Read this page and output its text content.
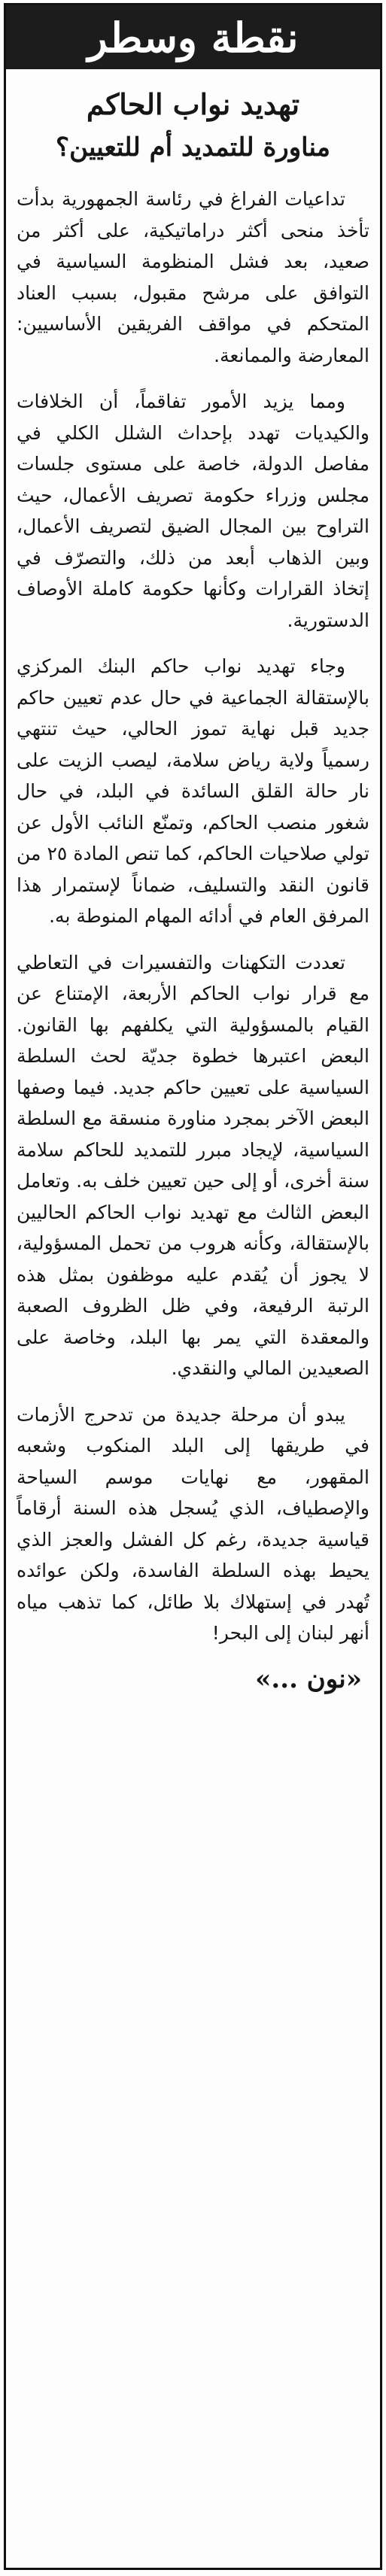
نقطة وسطر
تهديد نواب الحاكم
مناورة للتمديد أم للتعيين؟

تداعيات الفراغ في رئاسة الجمهورية بدأت تأخذ منحى أكثر دراماتيكية، على أكثر من صعيد، بعد فشل المنظومة السياسية في التوافق على مرشح مقبول، بسبب العناد المتحكم في مواقف الفريقين الأساسيين: المعارضة والممانعة.

ومما يزيد الأمور تفاقماً، أن الخلافات والكيديات تهدد بإحداث الشلل الكلي في مفاصل الدولة، خاصة على مستوى جلسات مجلس وزراء حكومة تصريف الأعمال، حيث التراوح بين المجال الضيق لتصريف الأعمال، وبين الذهاب أبعد من ذلك، والتصرّف في إتخاذ القرارات وكأنها حكومة كاملة الأوصاف الدستورية.

وجاء تهديد نواب حاكم البنك المركزي بالإستقالة الجماعية في حال عدم تعيين حاكم جديد قبل نهاية تموز الحالي، حيث تنتهي رسمياً ولاية رياض سلامة، ليصب الزيت على نار حالة القلق السائدة في البلد، في حال شغور منصب الحاكم، وتمنّع النائب الأول عن تولي صلاحيات الحاكم، كما تنص المادة ٢٥ من قانون النقد والتسليف، ضماناً لإستمرار هذا المرفق العام في أدائه المهام المنوطة به.

تعددت التكهنات والتفسيرات في التعاطي مع قرار نواب الحاكم الأربعة، الإمتناع عن القيام بالمسؤولية التي يكلفهم بها القانون. البعض اعتبرها خطوة جديّة لحث السلطة السياسية على تعيين حاكم جديد. فيما وصفها البعض الآخر بمجرد مناورة منسقة مع السلطة السياسية، لإيجاد مبرر للتمديد للحاكم سلامة سنة أخرى، أو إلى حين تعيين خلف به. وتعامل البعض الثالث مع تهديد نواب الحاكم الحاليين بالإستقالة، وكأنه هروب من تحمل المسؤولية، لا يجوز أن يُقدم عليه موظفون بمثل هذه الرتبة الرفيعة، وفي ظل الظروف الصعبة والمعقدة التي يمر بها البلد، وخاصة على الصعيدين المالي والنقدي.

يبدو أن مرحلة جديدة من تدحرج الأزمات في طريقها إلى البلد المنكوب وشعبه المقهور، مع نهايات موسم السياحة والإصطياف، الذي يُسجل هذه السنة أرقاماً قياسية جديدة، رغم كل الفشل والعجز الذي يحيط بهذه السلطة الفاسدة، ولكن عوائده تُهدر في إستهلاك بلا طائل، كما تذهب مياه أنهر لبنان إلى البحر!

«نون ...»
